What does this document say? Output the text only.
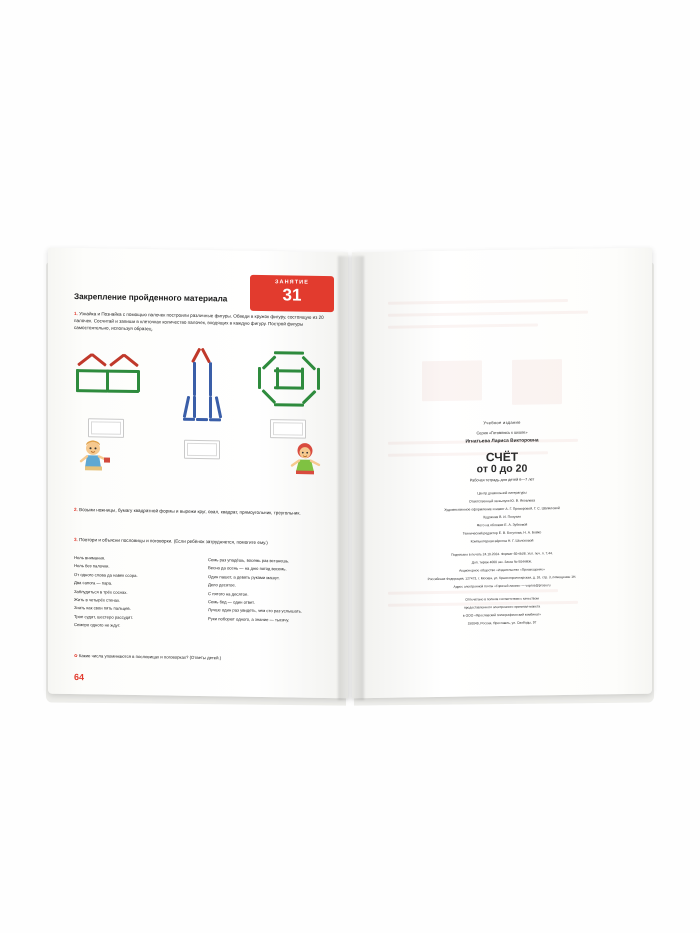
ЗАНЯТИЕ
31
Закрепление пройденного материала
1. Узнайка и Познайка с помощью палочек построили различные фигуры. Обведи в кружок фигуру, состоящую из 20 палочек. Сосчитай и запиши в клеточках количество палочек, входящих в каждую фигуру. Построй фигуры самостоятельно, используя образец.
2. Возьми ножницы, бумагу квадратной формы и вырежи круг, овал, квадрат, прямоугольник, треугольник.
3. Повтори и объясни пословицы и поговорки. (Если ребёнок затрудняется, помогите ему.)
Ноль внимания.
Ноль без палочки.
От одного слова да навек ссора.
Два сапога — пара.
Заблудиться в трёх соснах.
Жить в четырёх стенах.
Знать как свои пять пальцев.
Трое судят, шестеро рассудят.
Семеро одного не ждут.
Семь раз упадёшь, восемь раз встанешь.
Весна да осень — на дню погод восемь.
Один пашет, а девять руками машут.
Дело десятое.
С пятого на десятое.
Семь бед — один ответ.
Лучше один раз увидеть, чем сто раз услышать.
Руки поборют одного, а знание — тысячу.
✿ Какие числа упоминаются в пословицах и поговорках? (Ответы детей.)
64
Учебное издание
Серия «Готовлюсь к школе»
Игнатьева Лариса Викторовна
СЧЁТ
от 0 до 20
Рабочая тетрадь для детей 6—7 лет

Центр дошкольной литературы

Ответственный за выпуск Ю. В. Яковлева

Художественное оформление и макет А. Г. Проворовой, Г. С. Шапиловой

Художник В. И. Полухин

Фото на обложке Е. А. Зубковой

Технический редактор Е. В. Богунова, Н. А. Бойко

Компьютерная вёрстка Н. Г. Шолоховой

Подписано в печать 24.10.2024. Формат 60×84/8. Усл. печ. л. 7,44.

Доп. тираж 4000 экз. Заказ № 5044ФЖ.

Акционерное общество «Издательство «Просвещение»

Российская Федерация, 127473, г. Москва, ул. Краснопролетарская, д. 16, стр. 3, помещение 1Н.

Адрес электронной почты «Горячей линии» — vopros@prosv.ru

Отпечатано в полном соответствии с качеством

предоставленного электронного оригинал-макета

в ООО «Ярославский полиграфический комбинат»

150049, Россия, Ярославль, ул. Свободы, 97
